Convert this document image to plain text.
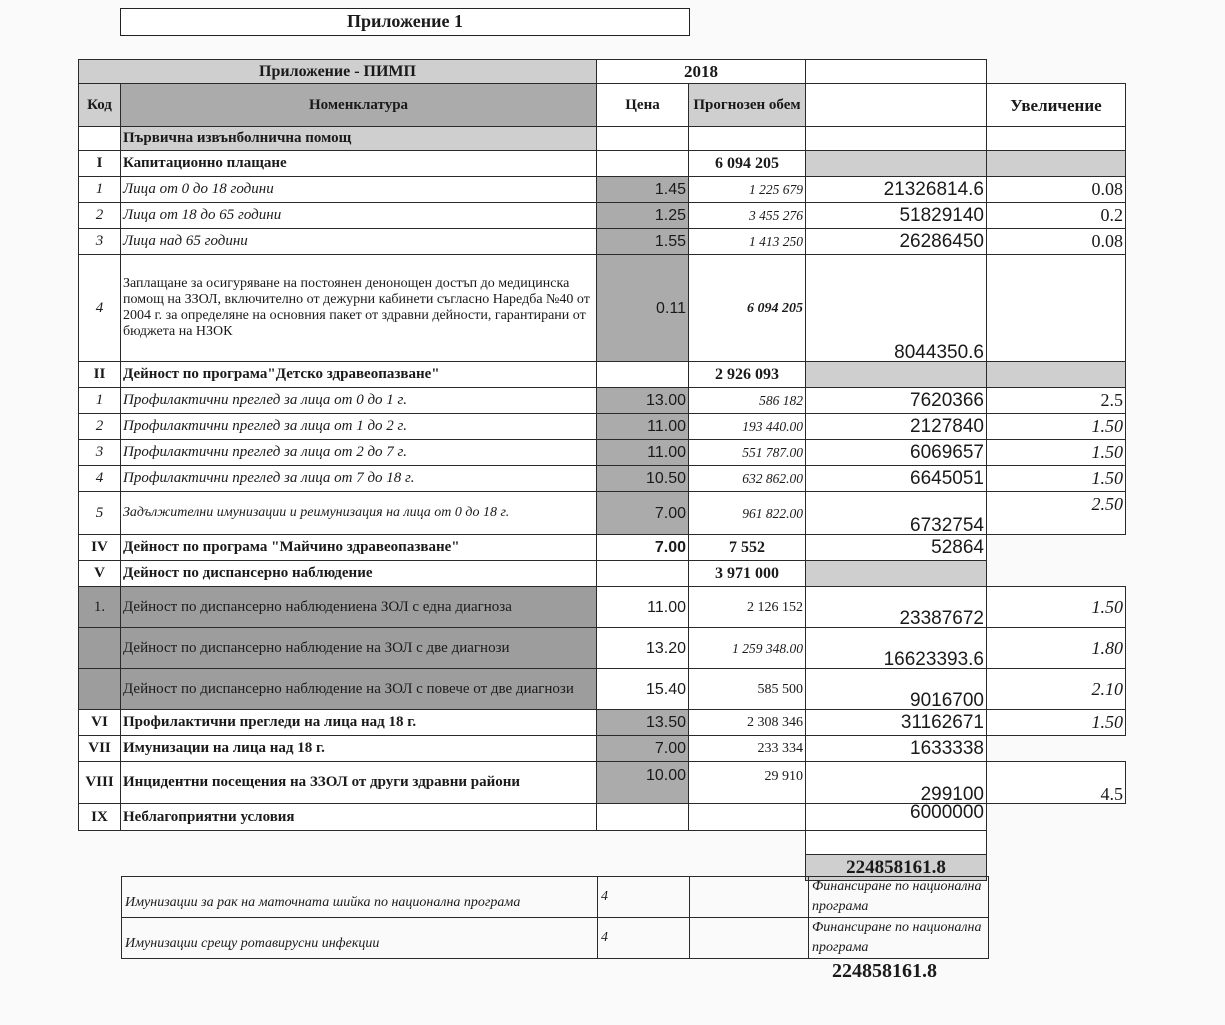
Приложение 1
Приложение - ПИМП		2018			
Код	Номенклатура	Цена	Прогнозен обем		Увеличение
	Първична извънболнична помощ				
I	Капитационно плащане		6 094 205		
1	Лица от 0 до 18 години	1.45	1 225 679	21326814.6	0.08
2	Лица от 18 до 65 години	1.25	3 455 276	51829140	0.2
3	Лица над 65 години	1.55	1 413 250	26286450	0.08
4	Заплащане за осигуряване на постоянен денонощен достъп до медицинска помощ на ЗЗОЛ, включително от дежурни кабинети съгласно Наредба №40 от 2004 г. за определяне на основния пакет от здравни дейности, гарантирани от бюджета на НЗОК	0.11	6 094 205	8044350.6	
II	Дейност по програма"Детско здравеопазване"		2 926 093		
1	Профилактични преглед за лица от 0 до 1 г.	13.00	586 182	7620366	2.5
2	Профилактични преглед за лица от 1 до 2 г.	11.00	193 440.00	2127840	1.50
3	Профилактични преглед за лица от 2 до 7 г.	11.00	551 787.00	6069657	1.50
4	Профилактични преглед за лица от 7 до 18 г.	10.50	632 862.00	6645051	1.50
5	Задължителни имунизации и реимунизация на лица от 0 до 18 г.	7.00	961 822.00	6732754	2.50
IV	Дейност по програма "Майчино здравеопазване"	7.00	7 552	52864	
V	Дейност по диспансерно наблюдение		3 971 000		
1.	Дейност по диспансерно наблюдениена ЗОЛ с една диагноза	11.00	2 126 152	23387672	1.50
	Дейност по диспансерно наблюдение на ЗОЛ с две диагнози	13.20	1 259 348.00	16623393.6	1.80
	Дейност по диспансерно наблюдение на ЗОЛ с повече от две диагнози	15.40	585 500	9016700	2.10
VI	Профилактични прегледи на лица над 18 г.	13.50	2 308 346	31162671	1.50
VII	Имунизации на лица над 18 г.	7.00	233 334	1633338	
VIII	Инцидентни посещения на ЗЗОЛ от други здравни райони	10.00	29 910	299100	4.5
IX	Неблагоприятни условия			6000000	

				224858161.8	
Имунизации за рак на маточната шийка по национална програма	4		Финансиране по национална програма
Имунизации срещу ротавирусни инфекции	4		Финансиране по национална програма
224858161.8
